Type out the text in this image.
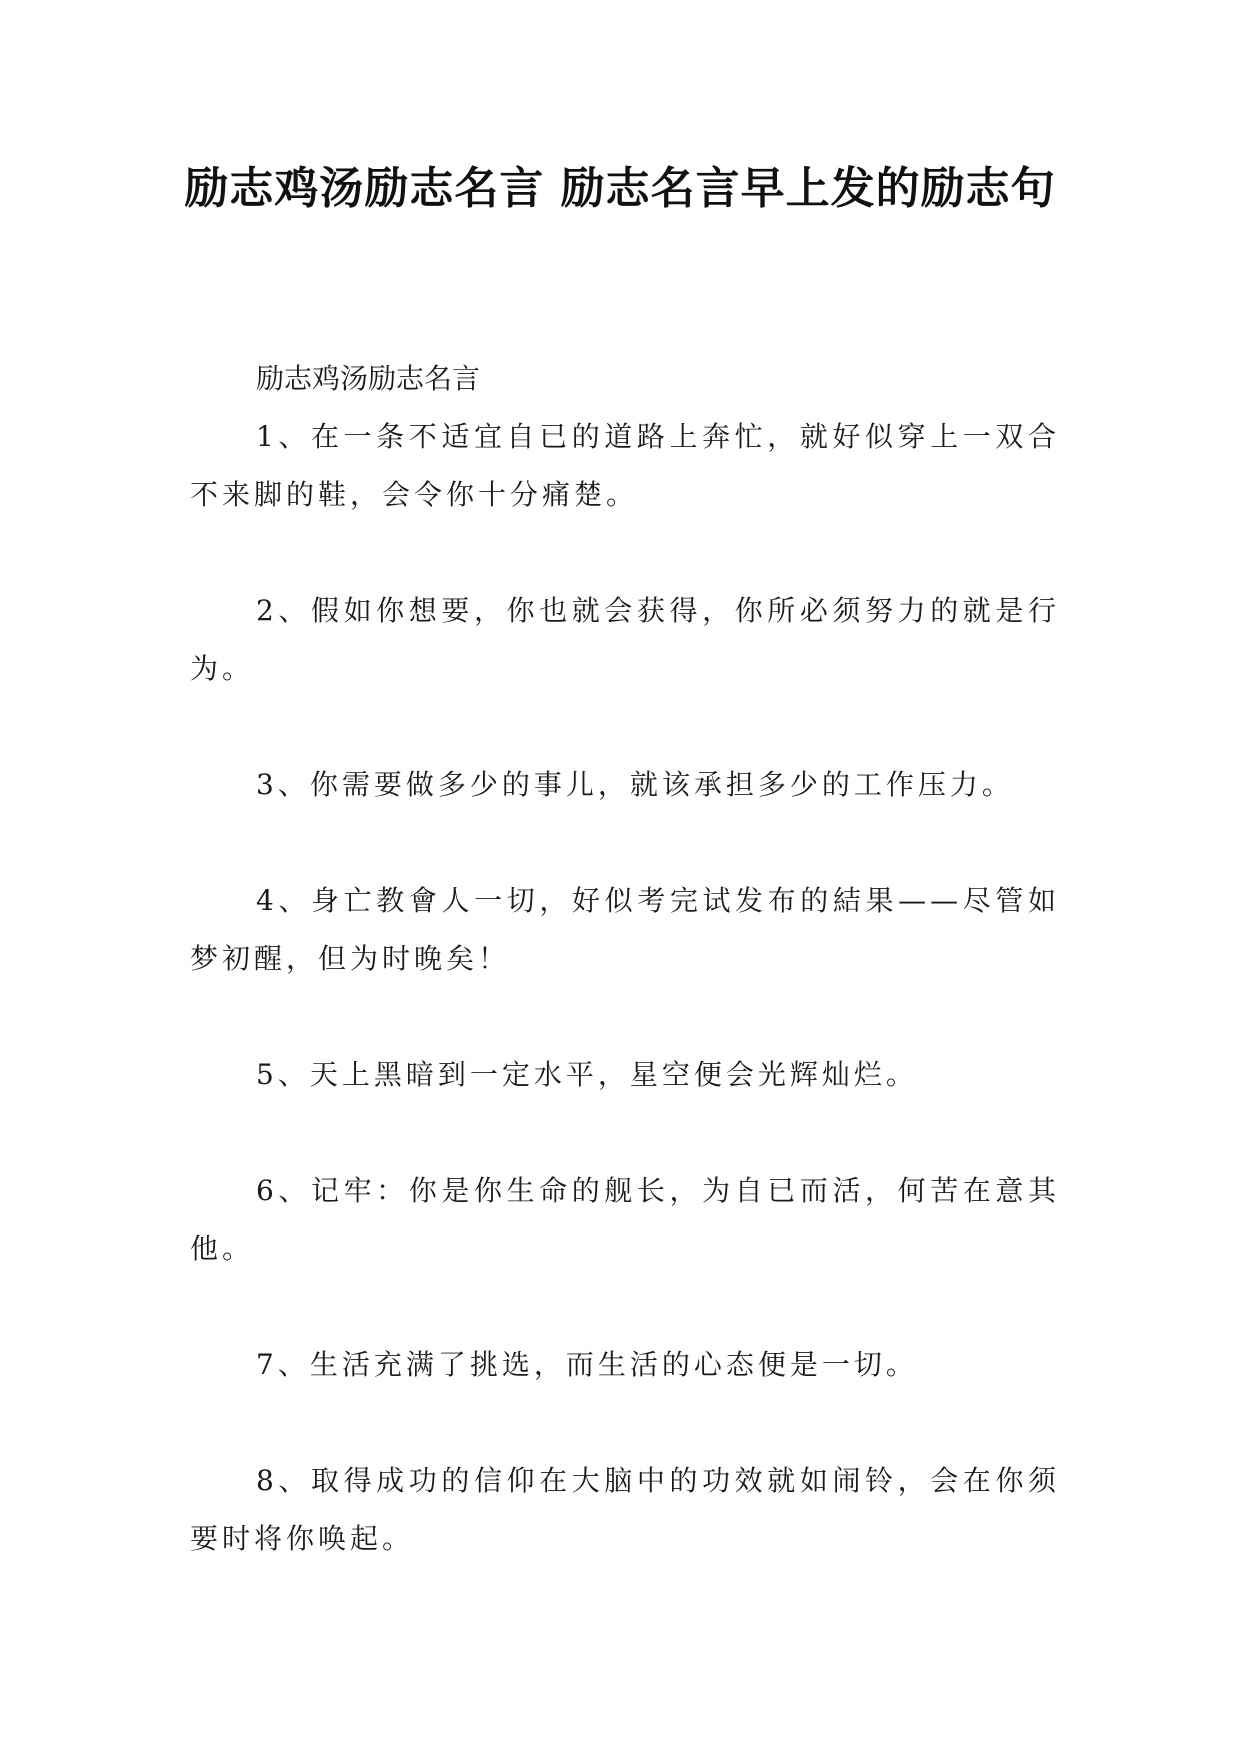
励志鸡汤励志名言 励志名言早上发的励志句

励志鸡汤励志名言

1、在一条不适宜自已的道路上奔忙，就好似穿上一双合不来脚的鞋，会令你十分痛楚。

2、假如你想要，你也就会获得，你所必须努力的就是行为。

3、你需要做多少的事儿，就该承担多少的工作压力。

4、身亡教會人一切，好似考完试发布的結果——尽管如梦初醒，但为时晚矣！

5、天上黑暗到一定水平，星空便会光辉灿烂。

6、记牢：你是你生命的舰长，为自已而活，何苦在意其他。

7、生活充满了挑选，而生活的心态便是一切。

8、取得成功的信仰在大脑中的功效就如闹铃，会在你须要时将你唤起。
